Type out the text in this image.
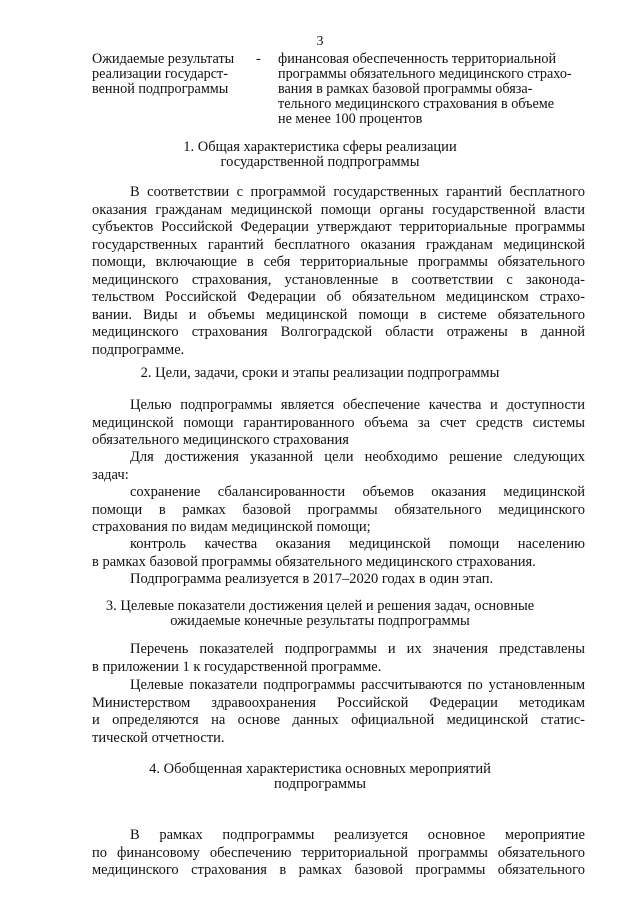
3
Ожидаемые результаты
реализации государст-
венной подпрограммы
- финансовая обеспеченность территориальной
программы обязательного медицинского страхо-
вания в рамках базовой программы обяза-
тельного медицинского страхования в объеме
не менее 100 процентов
1. Общая характеристика сферы реализации
государственной подпрограммы
В соответствии с программой государственных гарантий бесплатного
оказания гражданам медицинской помощи органы государственной власти
субъектов Российской Федерации утверждают территориальные программы
государственных гарантий бесплатного оказания гражданам медицинской
помощи, включающие в себя территориальные программы обязательного
медицинского страхования, установленные в соответствии с законода-
тельством Российской Федерации об обязательном медицинском страхо-
вании. Виды и объемы медицинской помощи в системе обязательного
медицинского страхования Волгоградской области отражены в данной
подпрограмме.
2. Цели, задачи, сроки и этапы реализации подпрограммы
Целью подпрограммы является обеспечение качества и доступности
медицинской помощи гарантированного объема за счет средств системы
обязательного медицинского страхования
Для достижения указанной цели необходимо решение следующих
задач:
сохранение сбалансированности объемов оказания медицинской
помощи в рамках базовой программы обязательного медицинского
страхования по видам медицинской помощи;
контроль качества оказания медицинской помощи населению
в рамках базовой программы обязательного медицинского страхования.
Подпрограмма реализуется в 2017–2020 годах в один этап.
3. Целевые показатели достижения целей и решения задач, основные
ожидаемые конечные результаты подпрограммы
Перечень показателей подпрограммы и их значения представлены
в приложении 1 к государственной программе.
Целевые показатели подпрограммы рассчитываются по установленным
Министерством здравоохранения Российской Федерации методикам
и определяются на основе данных официальной медицинской статис-
тической отчетности.
4. Обобщенная характеристика основных мероприятий
подпрограммы
В рамках подпрограммы реализуется основное мероприятие
по финансовому обеспечению территориальной программы обязательного
медицинского страхования в рамках базовой программы обязательного
